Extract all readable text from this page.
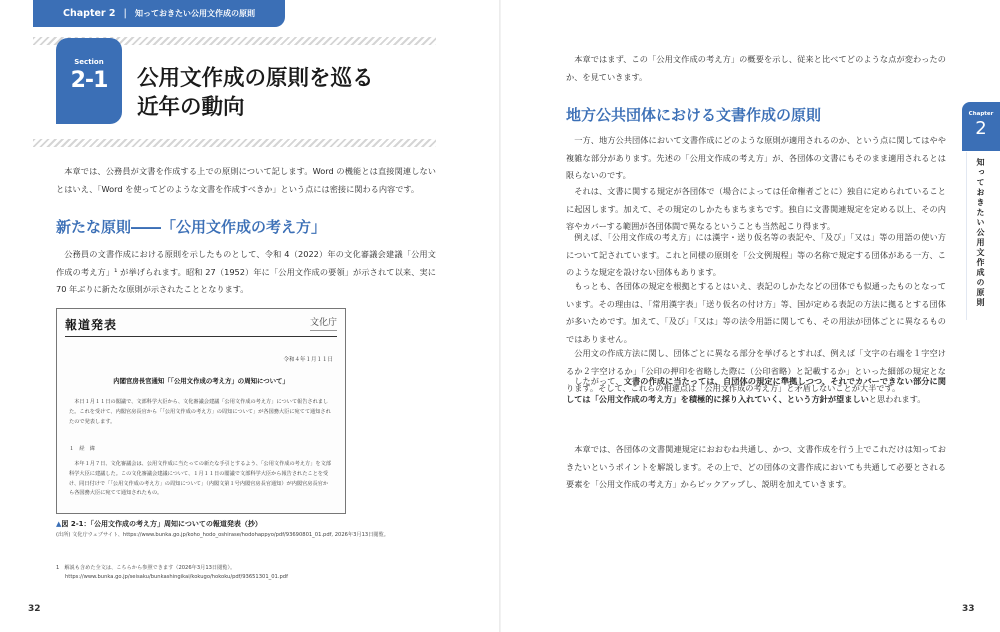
Chapter 2 | 知っておきたい公用文作成の原則
Section
2-1	公用文作成の原則を巡る
近年の動向

本章では、公務員が文書を作成する上での原則について記します。Word の機能とは直接関連しないとはいえ、「Word を使ってどのような文書を作成すべきか」という点には密接に関わる内容です。

新たな原則――「公用文作成の考え方」

公務員の文書作成における原則を示したものとして、令和 4（2022）年の文化審議会建議「公用文作成の考え方」¹ が挙げられます。昭和 27（1952）年に「公用文作成の要領」が示されて以来、実に 70 年ぶりに新たな原則が示されたこととなります。

報道発表	文化庁
令和４年１月１１日
内閣官房長官通知「「公用文作成の考え方」の周知について」
本日１月１１日の閣議で、文部科学大臣から、文化審議会建議「公用文作成の考え方」について報告されました。これを受けて、内閣官房長官から「「公用文作成の考え方」の周知について」が各国務大臣に宛てて通知されたので発表します。
１　経　緯
本年１月７日、文化審議会は、公用文作成に当たっての新たな手引とするよう、「公用文作成の考え方」を文部科学大臣に建議した。この文化審議会建議について、１月１１日の閣議で文部科学大臣から報告されたことを受け、同日付けで「「公用文作成の考え方」の周知について」（内閣文第１号内閣官房長官通知）が内閣官房長官から各国務大臣に宛てて通知されたもの。
▲図 2-1：「公用文作成の考え方」周知についての報道発表（抄）
(出所) 文化庁ウェブサイト、https://www.bunka.go.jp/koho_hodo_oshirase/hodohappyo/pdf/93690801_01.pdf, 2026年3月13日閲覧。
1 解説も含めた全文は、こちらから参照できます（2026年3月13日閲覧）。
https://www.bunka.go.jp/seisaku/bunkashingikai/kokugo/hokoku/pdf/93651301_01.pdf
32

本章ではまず、この「公用文作成の考え方」の概要を示し、従来と比べてどのような点が変わったのか、を見ていきます。

地方公共団体における文書作成の原則

一方、地方公共団体において文書作成にどのような原則が適用されるのか、という点に関してはやや複雑な部分があります。先述の「公用文作成の考え方」が、各団体の文書にもそのまま適用されるとは限らないのです。

それは、文書に関する規定が各団体で（場合によっては任命権者ごとに）独自に定められていることに起因します。加えて、その規定のしかたもまちまちです。独自に文書関連規定を定める以上、その内容やカバーする範囲が各団体間で異なるということも当然起こり得ます。

例えば、「公用文作成の考え方」には漢字・送り仮名等の表記や、「及び」「又は」等の用語の使い方について記されています。これと同様の原則を「公文例規程」等の名称で規定する団体がある一方、このような規定を設けない団体もあります。

もっとも、各団体の規定を根拠とするとはいえ、表記のしかたなどの団体でも似通ったものとなっています。その理由は、「常用漢字表」「送り仮名の付け方」等、国が定める表記の方法に拠るとする団体が多いためです。加えて、「及び」「又は」等の法令用語に関しても、その用法が団体ごとに異なるものではありません。

公用文の作成方法に関し、団体ごとに異なる部分を挙げるとすれば、例えば「文字の右端を１字空けるか２字空けるか」「公印の押印を省略した際に（公印省略）と記載するか」といった細部の規定となります。そして、これらの相違点は「公用文作成の考え方」と矛盾しないことが大半です。

したがって、文書の作成に当たっては、自団体の規定に準拠しつつ、それでカバーできない部分に関しては「公用文作成の考え方」を積極的に採り入れていく、という方針が望ましいと思われます。

本章では、各団体の文書関連規定におおむね共通し、かつ、文書作成を行う上でこれだけは知っておきたいというポイントを解説します。その上で、どの団体の文書作成においても共通して必要とされる要素を「公用文作成の考え方」からピックアップし、説明を加えていきます。

Chapter
2
知っておきたい公用文作成の原則
33
